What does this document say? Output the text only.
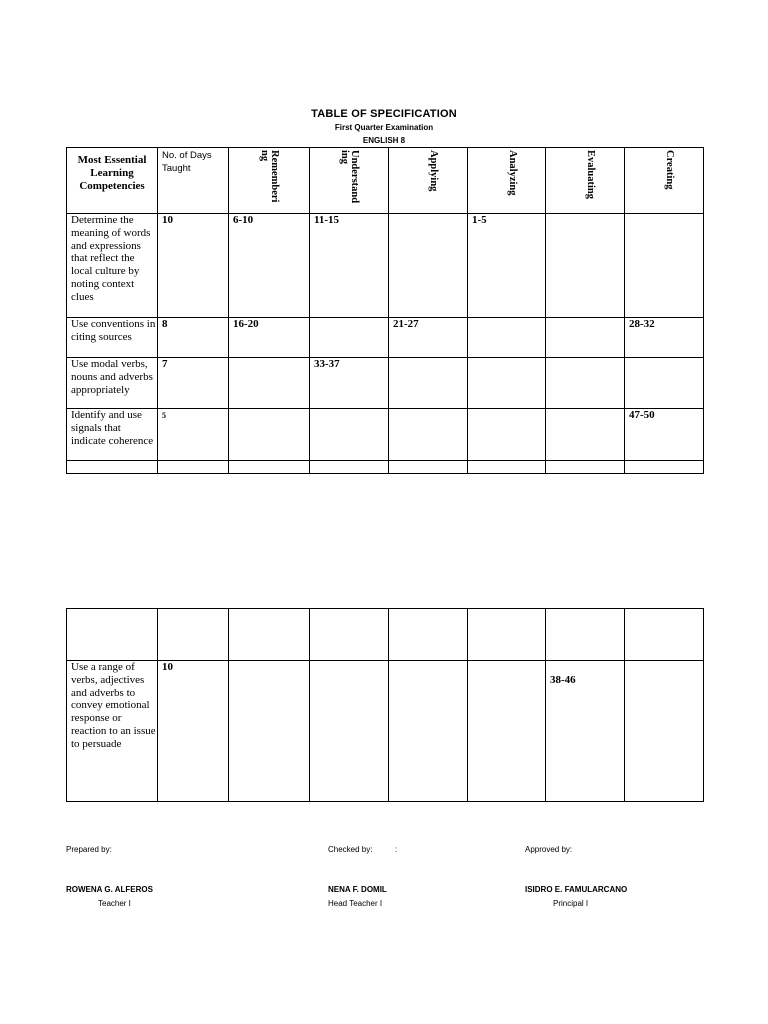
TABLE OF SPECIFICATION
First Quarter Examination
ENGLISH 8
Most Essential Learning Competencies	No. of Days Taught	Rememberi ng	Understand ing	Applying	Analyzing	Evaluating	Creating

Determine the meaning of words and expressions that reflect the local culture by noting context clues	10	6-10	11-15		1-5		
Use conventions in citing sources	8	16-20		21-27			28-32
Use modal verbs, nouns and adverbs appropriately	7		33-37				
Identify and use signals that indicate coherence	5						47-50

Use a range of verbs, adjectives and adverbs to convey emotional response or reaction to an issue to persuade	10					38-46	
Prepared by:	Checked by:	:	Approved by:
ROWENA G. ALFEROS
Teacher I
NENA F. DOMIL
Head Teacher I
ISIDRO E. FAMULARCANO
Principal I
